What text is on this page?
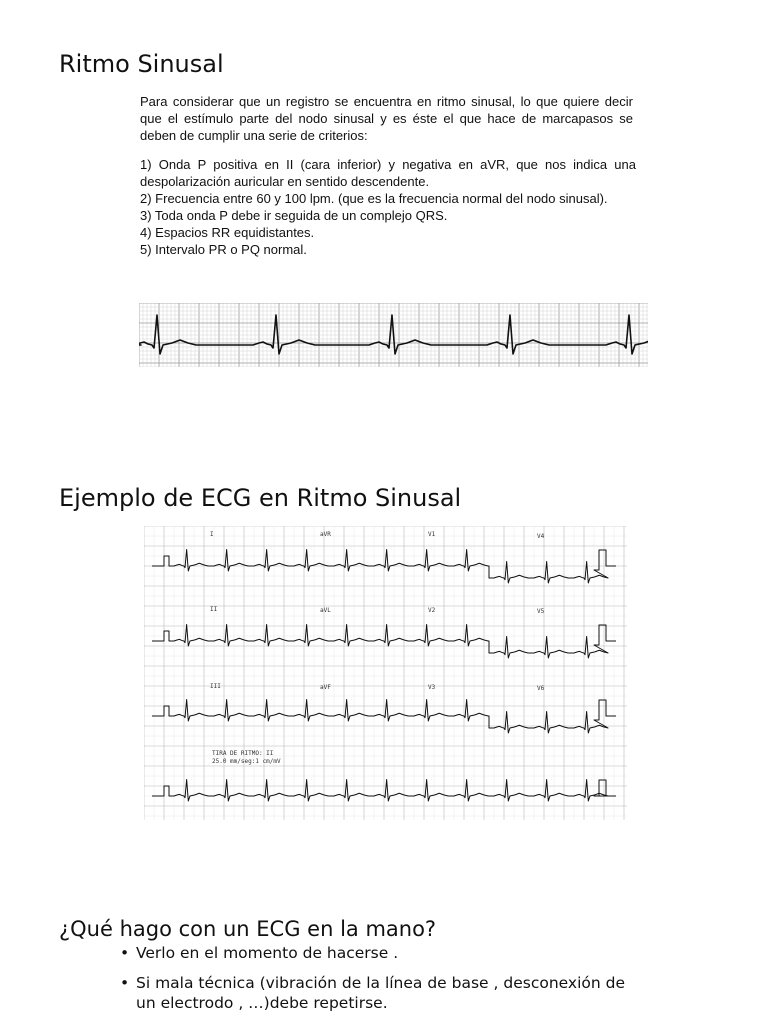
Ritmo Sinusal

Para considerar que un registro se encuentra en ritmo sinusal, lo que quiere decir que el estímulo parte del nodo sinusal y es éste el que hace de marcapasos se deben de cumplir una serie de criterios:

1) Onda P positiva en II (cara inferior) y negativa en aVR, que nos indica una despolarización auricular en sentido descendente.

2) Frecuencia entre 60 y 100 lpm. (que es la frecuencia normal del nodo sinusal).

3) Toda onda P debe ir seguida de un complejo QRS.

4) Espacios RR equidistantes.

5) Intervalo PR o PQ normal.

Ejemplo de ECG en Ritmo Sinusal
I	aVR	V1	V4
II	aVL	V2	V5
III	aVF	V3	V6
TIRA DE RITMO: II
25.0 mm/seg:1 cm/mV
¿Qué hago con un ECG en la mano?
• Verlo en el momento de hacerse .
• Si mala técnica (vibración de la línea de base , desconexión de un electrodo , …)debe repetirse.
